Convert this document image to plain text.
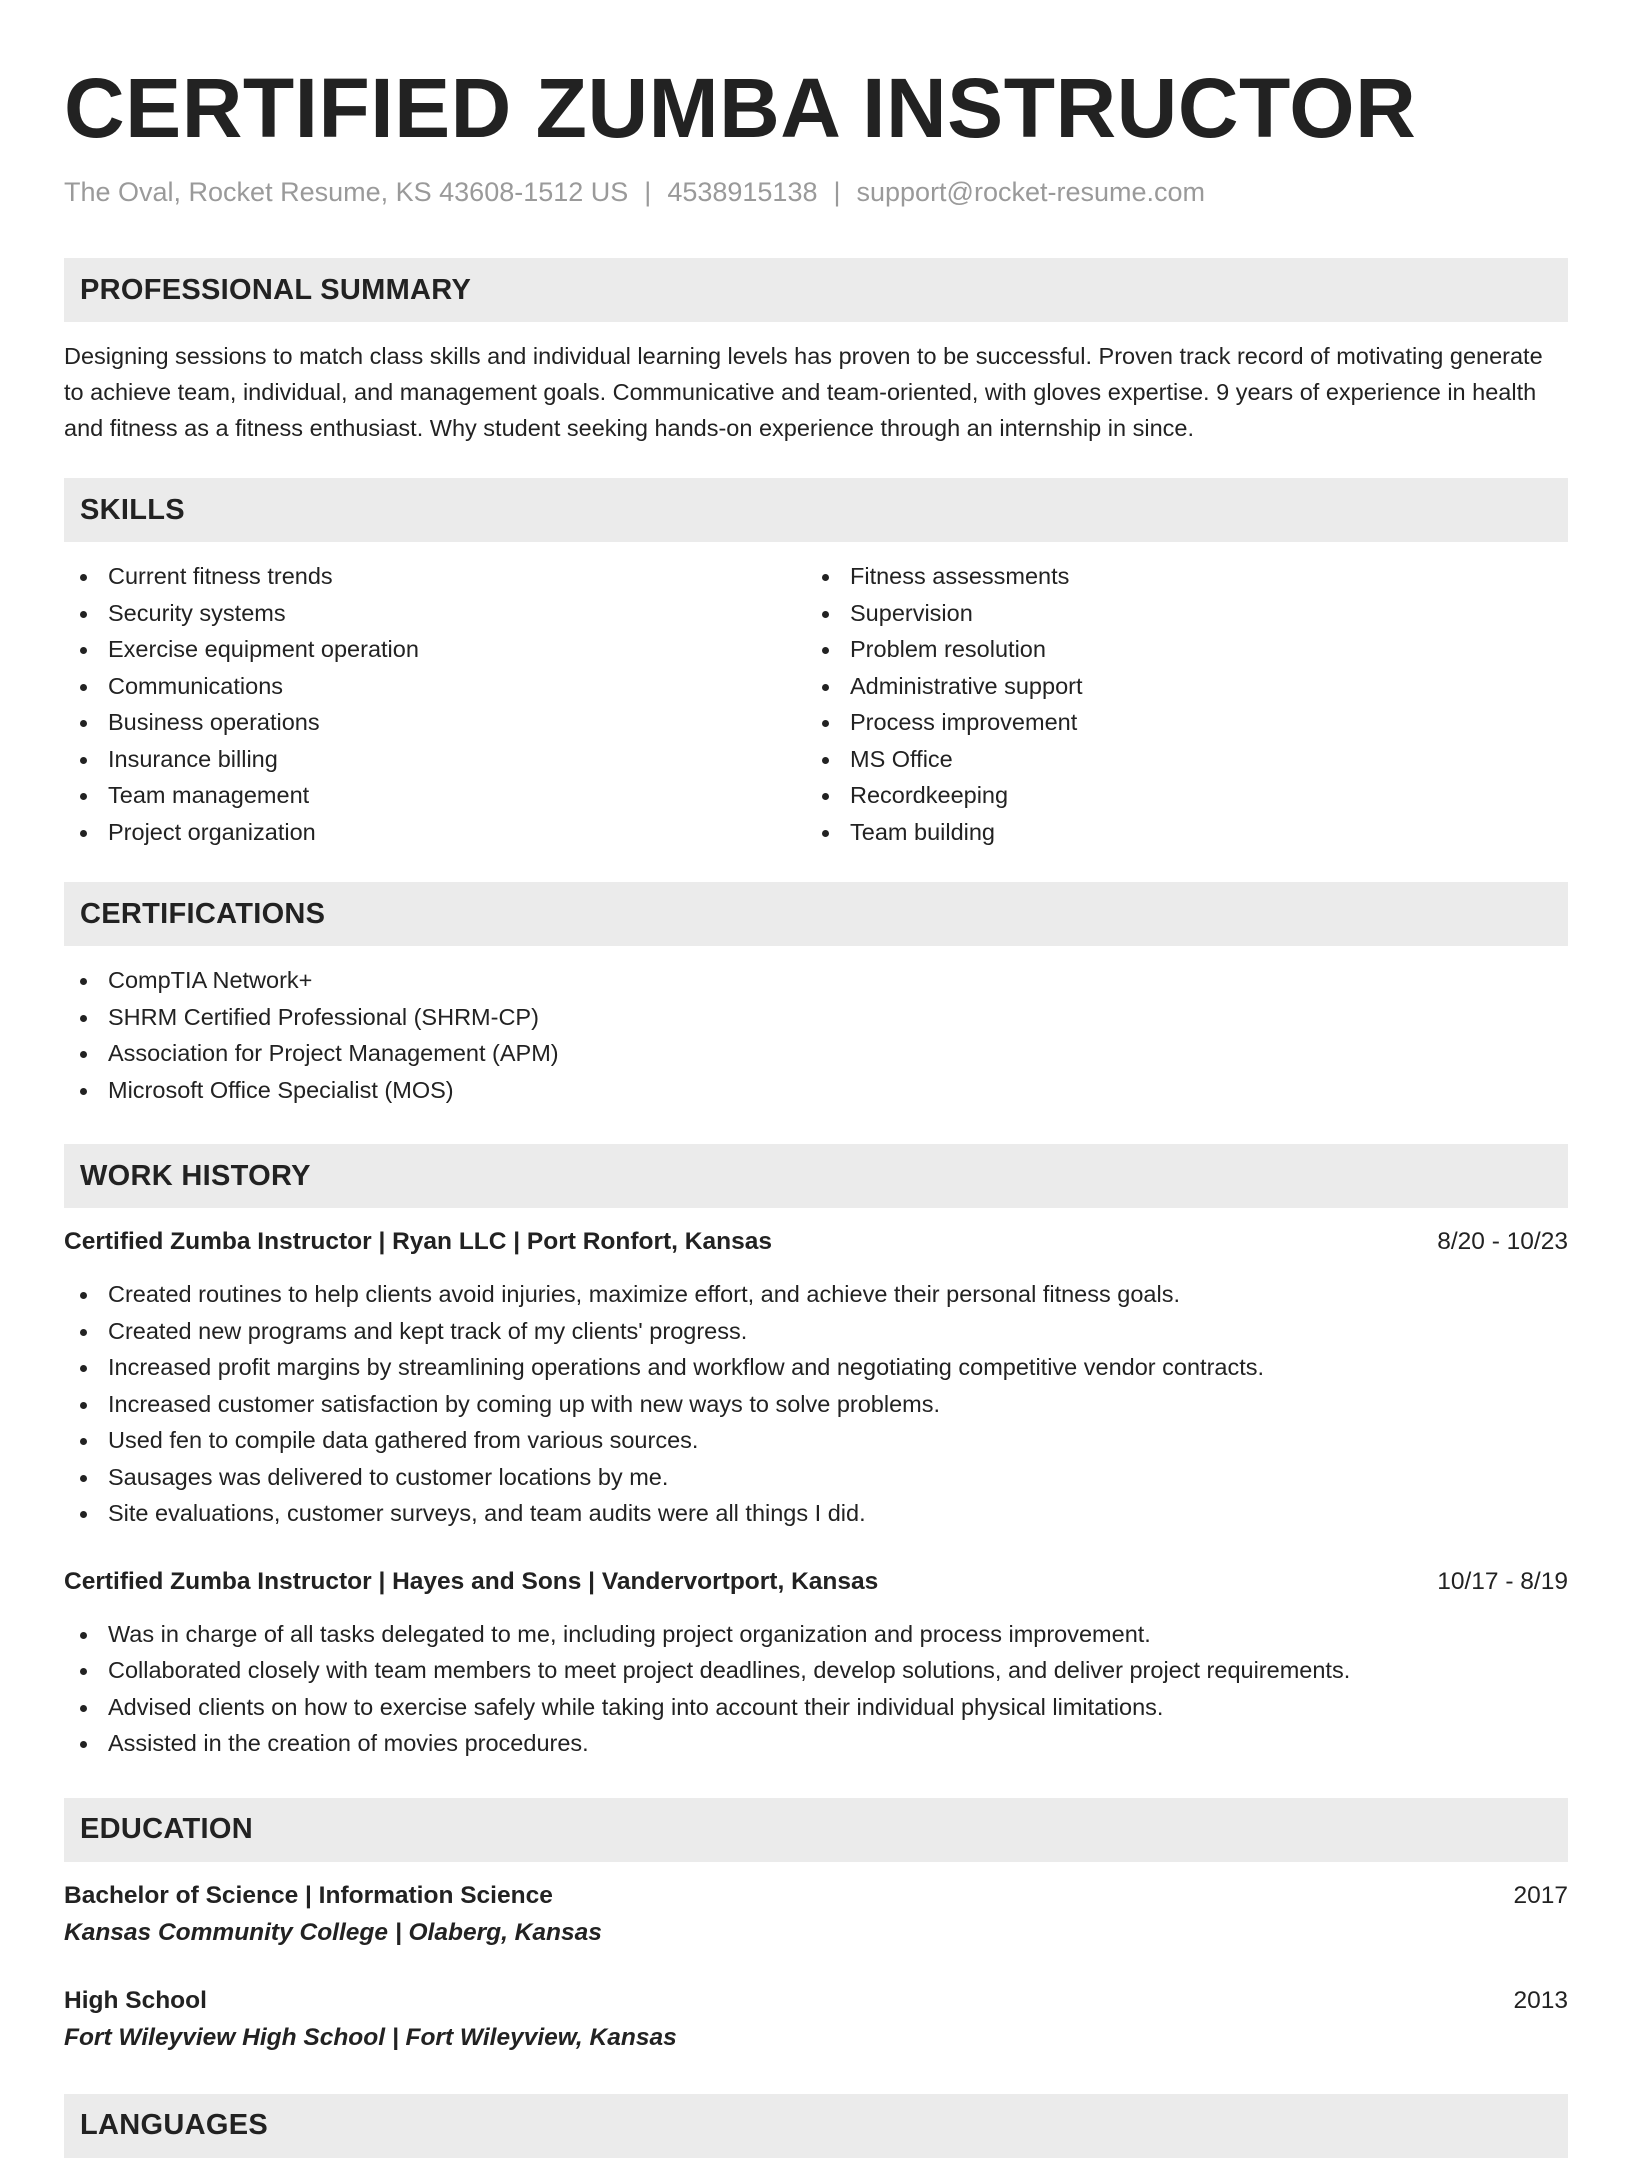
CERTIFIED ZUMBA INSTRUCTOR
The Oval, Rocket Resume, KS 43608-1512 US | 4538915138 | support@rocket-resume.com
PROFESSIONAL SUMMARY

Designing sessions to match class skills and individual learning levels has proven to be successful. Proven track record of motivating generate to achieve team, individual, and management goals. Communicative and team-oriented, with gloves expertise. 9 years of experience in health and fitness as a fitness enthusiast. Why student seeking hands-on experience through an internship in since.

SKILLS
Current fitness trends
Security systems
Exercise equipment operation
Communications
Business operations
Insurance billing
Team management
Project organization
Fitness assessments
Supervision
Problem resolution
Administrative support
Process improvement
MS Office
Recordkeeping
Team building
CERTIFICATIONS
CompTIA Network+
SHRM Certified Professional (SHRM-CP)
Association for Project Management (APM)
Microsoft Office Specialist (MOS)
WORK HISTORY
Certified Zumba Instructor | Ryan LLC | Port Ronfort, Kansas	8/20 - 10/23
Created routines to help clients avoid injuries, maximize effort, and achieve their personal fitness goals.
Created new programs and kept track of my clients' progress.
Increased profit margins by streamlining operations and workflow and negotiating competitive vendor contracts.
Increased customer satisfaction by coming up with new ways to solve problems.
Used fen to compile data gathered from various sources.
Sausages was delivered to customer locations by me.
Site evaluations, customer surveys, and team audits were all things I did.
Certified Zumba Instructor | Hayes and Sons | Vandervortport, Kansas	10/17 - 8/19
Was in charge of all tasks delegated to me, including project organization and process improvement.
Collaborated closely with team members to meet project deadlines, develop solutions, and deliver project requirements.
Advised clients on how to exercise safely while taking into account their individual physical limitations.
Assisted in the creation of movies procedures.
EDUCATION
Bachelor of Science | Information Science	2017
Kansas Community College | Olaberg, Kansas
High School	2013
Fort Wileyview High School | Fort Wileyview, Kansas
LANGUAGES
